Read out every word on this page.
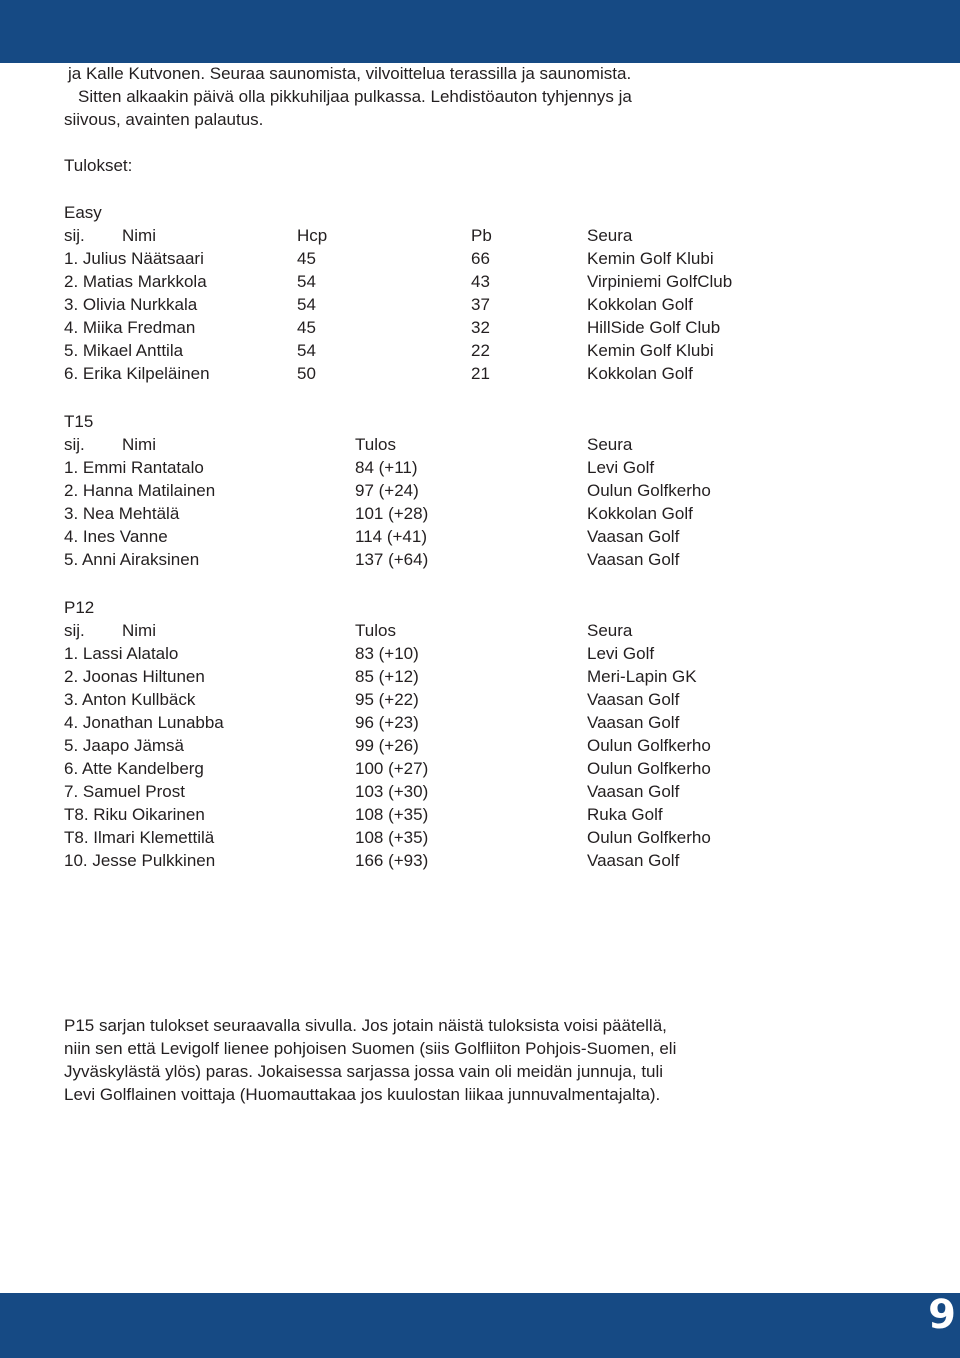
ja Kalle Kutvonen. Seuraa saunomista, vilvoittelua terassilla ja saunomista.
Sitten alkaakin päivä olla pikkuhiljaa pulkassa. Lehdistöauton tyhjennys ja
siivous, avainten palautus.
Tulokset:
Easy
sij. Nimi	Hcp	Pb	Seura
1. Julius Näätsaari	45	66	Kemin Golf Klubi
2. Matias Markkola	54	43	Virpiniemi GolfClub
3. Olivia Nurkkala	54	37	Kokkolan Golf
4. Miika Fredman	45	32	HillSide Golf Club
5. Mikael Anttila	54	22	Kemin Golf Klubi
6. Erika Kilpeläinen	50	21	Kokkolan Golf
T15
sij. Nimi	Tulos	Seura
1. Emmi Rantatalo	84 (+11)	Levi Golf
2. Hanna Matilainen	97 (+24)	Oulun Golfkerho
3. Nea Mehtälä	101 (+28)	Kokkolan Golf
4. Ines Vanne	114 (+41)	Vaasan Golf
5. Anni Airaksinen	137 (+64)	Vaasan Golf
P12
sij. Nimi	Tulos	Seura
1. Lassi Alatalo	83 (+10)	Levi Golf
2. Joonas Hiltunen	85 (+12)	Meri-Lapin GK
3. Anton Kullbäck	95 (+22)	Vaasan Golf
4. Jonathan Lunabba	96 (+23)	Vaasan Golf
5. Jaapo Jämsä	99 (+26)	Oulun Golfkerho
6. Atte Kandelberg	100 (+27)	Oulun Golfkerho
7. Samuel Prost	103 (+30)	Vaasan Golf
T8. Riku Oikarinen	108 (+35)	Ruka Golf
T8. Ilmari Klemettilä	108 (+35)	Oulun Golfkerho
10. Jesse Pulkkinen	166 (+93)	Vaasan Golf
P15 sarjan tulokset seuraavalla sivulla. Jos jotain näistä tuloksista voisi päätellä,
niin sen että Levigolf lienee pohjoisen Suomen (siis Golfliiton Pohjois-Suomen, eli
Jyväskylästä ylös) paras. Jokaisessa sarjassa jossa vain oli meidän junnuja, tuli
Levi Golflainen voittaja (Huomauttakaa jos kuulostan liikaa junnuvalmentajalta).
9
